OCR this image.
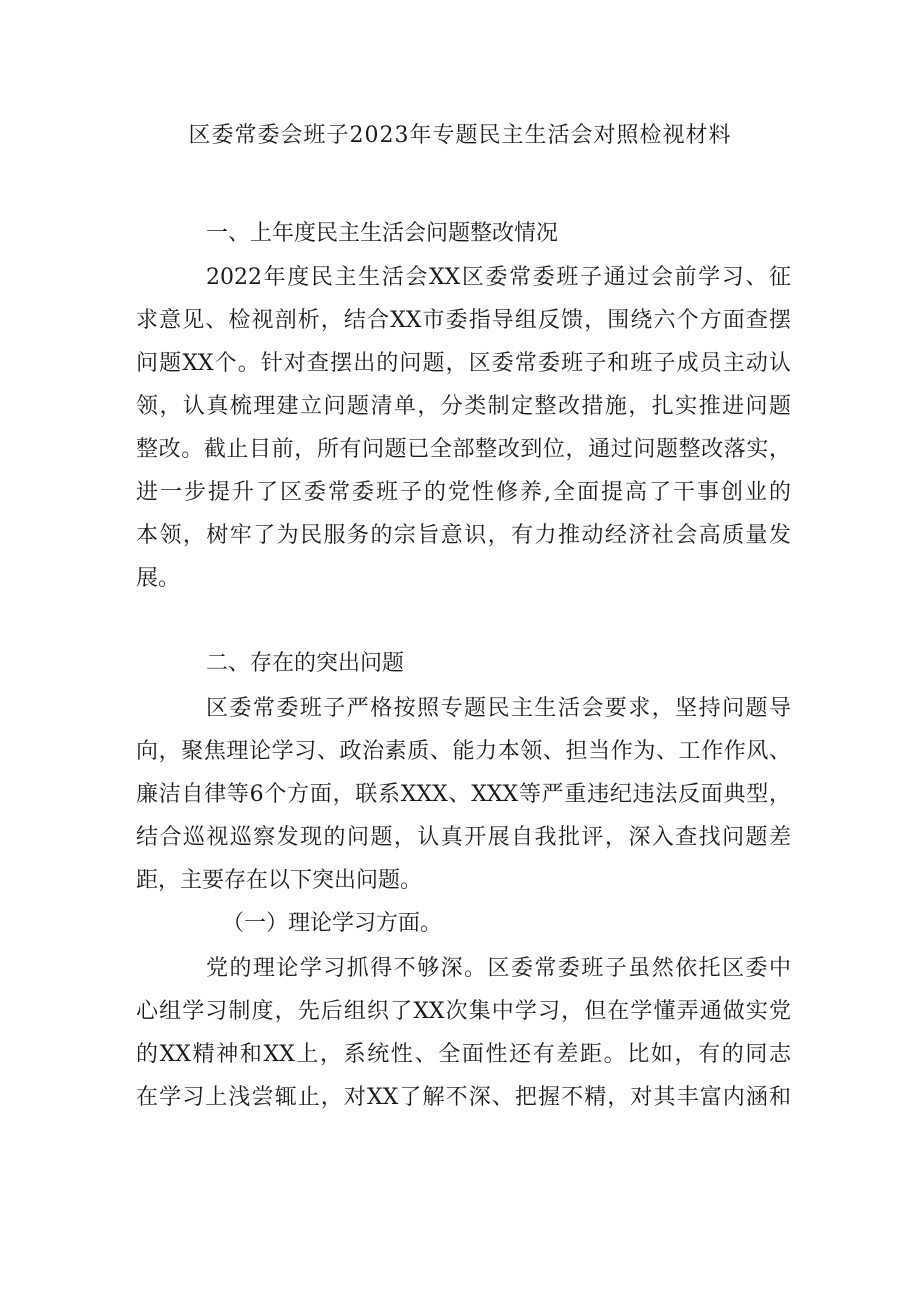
区委常委会班子2023年专题民主生活会对照检视材料
一、上年度民主生活会问题整改情况
2022年度民主生活会XX区委常委班子通过会前学习、征
求意见、检视剖析，结合XX市委指导组反馈，围绕六个方面查摆
问题XX个。针对查摆出的问题，区委常委班子和班子成员主动认
领，认真梳理建立问题清单，分类制定整改措施，扎实推进问题
整改。截止目前，所有问题已全部整改到位，通过问题整改落实，
进一步提升了区委常委班子的党性修养,全面提高了干事创业的
本领，树牢了为民服务的宗旨意识，有力推动经济社会高质量发
展。
二、存在的突出问题
区委常委班子严格按照专题民主生活会要求，坚持问题导
向，聚焦理论学习、政治素质、能力本领、担当作为、工作作风、
廉洁自律等6个方面，联系XXX、XXX等严重违纪违法反面典型，
结合巡视巡察发现的问题，认真开展自我批评，深入查找问题差
距，主要存在以下突出问题。
（一）理论学习方面。
党的理论学习抓得不够深。区委常委班子虽然依托区委中
心组学习制度，先后组织了XX次集中学习，但在学懂弄通做实党
的XX精神和XX上，系统性、全面性还有差距。比如，有的同志
在学习上浅尝辄止，对XX了解不深、把握不精，对其丰富内涵和
